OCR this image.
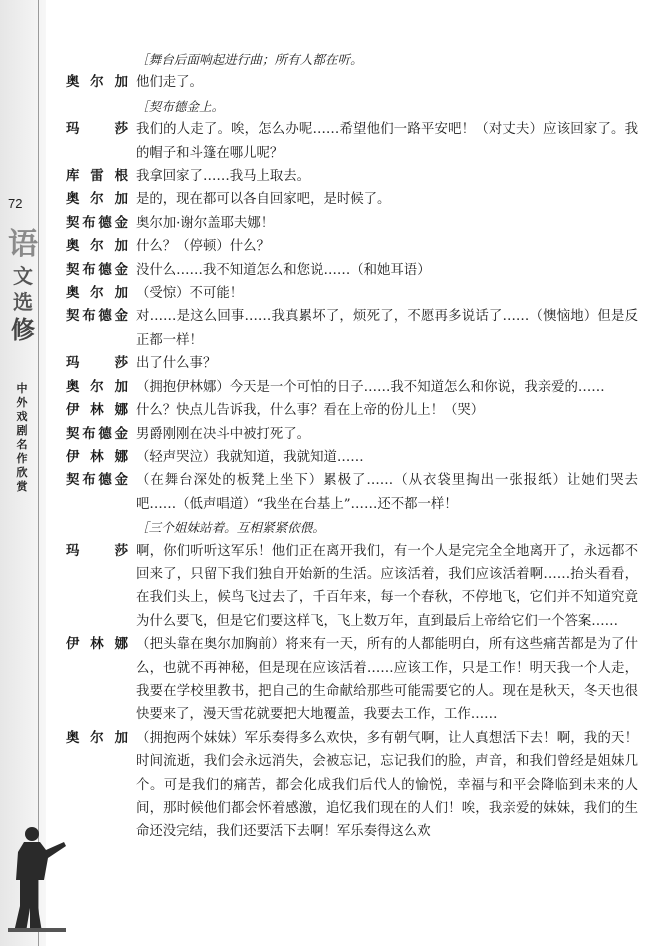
72
语
文
选
修
中外戏剧名作欣赏
［舞台后面响起进行曲；所有人都在听。
奥尔加 他们走了。
［契布德金上。
玛莎 我们的人走了。唉，怎么办呢……希望他们一路平安吧！（对丈夫）应该回家了。我的帽子和斗篷在哪儿呢？
库雷根 我拿回家了……我马上取去。
奥尔加 是的，现在都可以各自回家吧，是时候了。
契布德金 奥尔加·谢尔盖耶夫娜！
奥尔加 什么？（停顿）什么？
契布德金 没什么……我不知道怎么和您说……（和她耳语）
奥尔加 （受惊）不可能！
契布德金 对……是这么回事……我真累坏了，烦死了，不愿再多说话了……（懊恼地）但是反正都一样！
玛莎 出了什么事？
奥尔加 （拥抱伊林娜）今天是一个可怕的日子……我不知道怎么和你说，我亲爱的……
伊林娜 什么？快点儿告诉我，什么事？看在上帝的份儿上！（哭）
契布德金 男爵刚刚在决斗中被打死了。
伊林娜 （轻声哭泣）我就知道，我就知道……
契布德金 （在舞台深处的板凳上坐下）累极了……（从衣袋里掏出一张报纸）让她们哭去吧……（低声唱道）“我坐在台基上”……还不都一样！
［三个姐妹站着。互相紧紧依偎。
玛莎 啊，你们听听这军乐！他们正在离开我们，有一个人是完完全全地离开了，永远都不回来了，只留下我们独自开始新的生活。应该活着，我们应该活着啊……抬头看看，在我们头上，候鸟飞过去了，千百年来，每一个春秋，不停地飞，它们并不知道究竟为什么要飞，但是它们要这样飞，飞上数万年，直到最后上帝给它们一个答案……
伊林娜 （把头靠在奥尔加胸前）将来有一天，所有的人都能明白，所有这些痛苦都是为了什么，也就不再神秘，但是现在应该活着……应该工作，只是工作！明天我一个人走，我要在学校里教书，把自己的生命献给那些可能需要它的人。现在是秋天，冬天也很快要来了，漫天雪花就要把大地覆盖，我要去工作，工作……
奥尔加 （拥抱两个妹妹）军乐奏得多么欢快，多有朝气啊，让人真想活下去！啊，我的天！时间流逝，我们会永远消失，会被忘记，忘记我们的脸，声音，和我们曾经是姐妹几个。可是我们的痛苦，都会化成我们后代人的愉悦，幸福与和平会降临到未来的人间，那时候他们都会怀着感激，追忆我们现在的人们！唉，我亲爱的妹妹，我们的生命还没完结，我们还要活下去啊！军乐奏得这么欢
